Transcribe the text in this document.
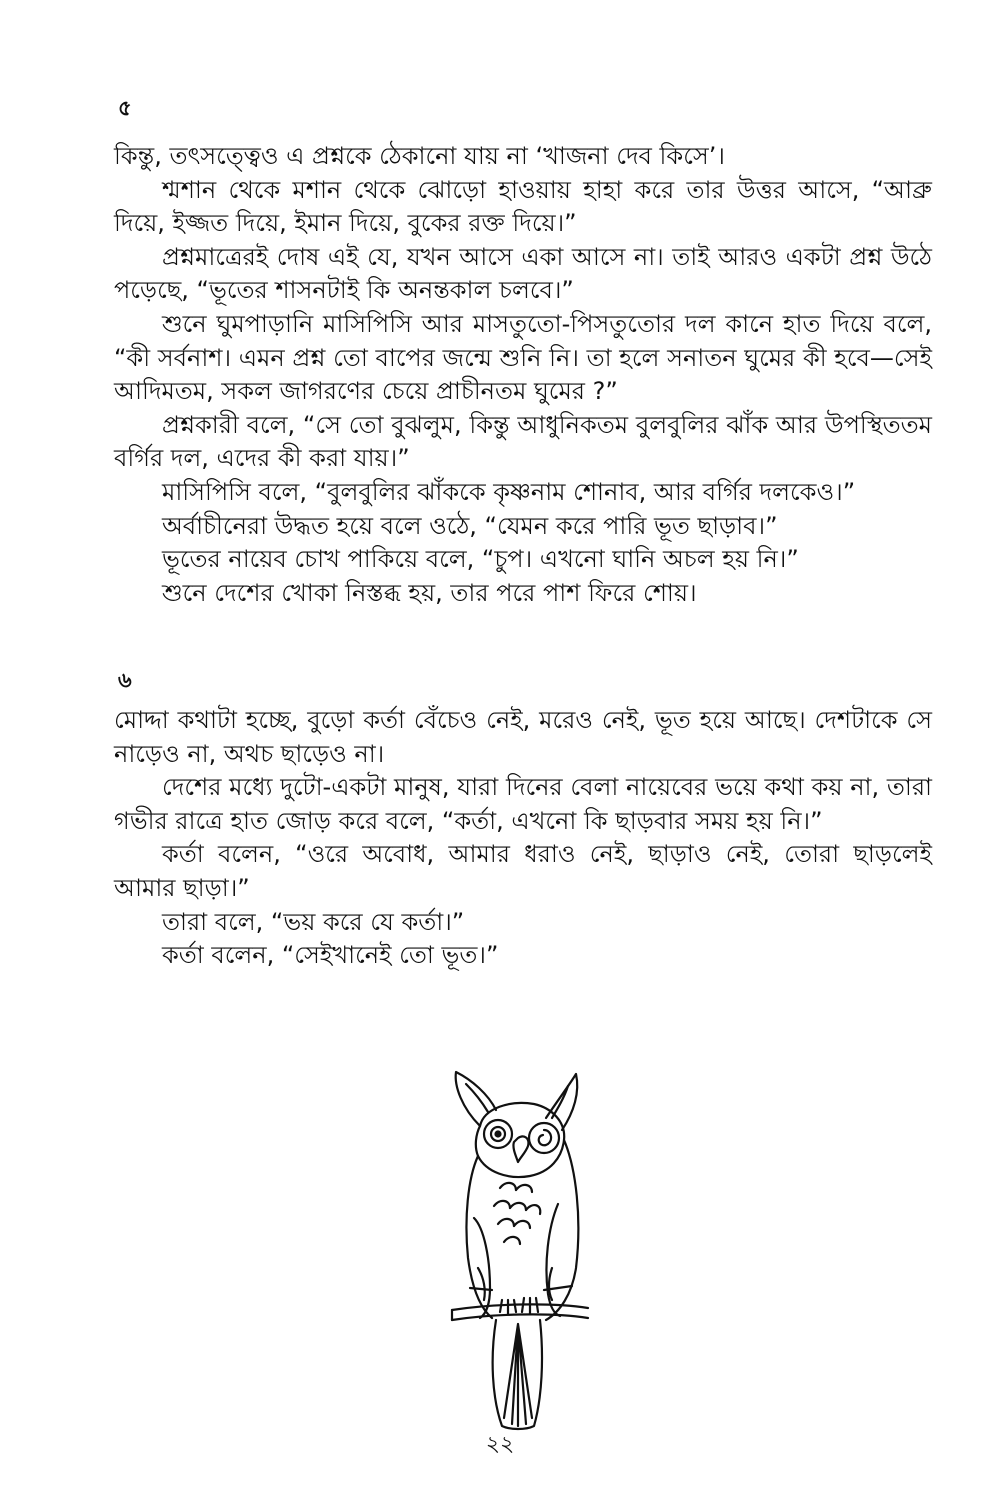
৫

কিন্তু, তৎসত্ত্বেও এ প্রশ্নকে ঠেকানো যায় না ‘খাজনা দেব কিসে’।

শ্মশান থেকে মশান থেকে ঝোড়ো হাওয়ায় হাহা করে তার উত্তর আসে, “আব্রু দিয়ে, ইজ্জত দিয়ে, ইমান দিয়ে, বুকের রক্ত দিয়ে।”

প্রশ্নমাত্রেরই দোষ এই যে, যখন আসে একা আসে না। তাই আরও একটা প্রশ্ন উঠে পড়েছে, “ভূতের শাসনটাই কি অনন্তকাল চলবে।”

শুনে ঘুমপাড়ানি মাসিপিসি আর মাসতুতো-পিসতুতোর দল কানে হাত দিয়ে বলে, “কী সর্বনাশ। এমন প্রশ্ন তো বাপের জন্মে শুনি নি। তা হলে সনাতন ঘুমের কী হবে—সেই আদিমতম, সকল জাগরণের চেয়ে প্রাচীনতম ঘুমের ?”

প্রশ্নকারী বলে, “সে তো বুঝলুম, কিন্তু আধুনিকতম বুলবুলির ঝাঁক আর উপস্থিততম বর্গির দল, এদের কী করা যায়।”

মাসিপিসি বলে, “বুলবুলির ঝাঁককে কৃষ্ণনাম শোনাব, আর বর্গির দলকেও।”

অর্বাচীনেরা উদ্ধত হয়ে বলে ওঠে, “যেমন করে পারি ভূত ছাড়াব।”

ভূতের নায়েব চোখ পাকিয়ে বলে, “চুপ। এখনো ঘানি অচল হয় নি।”

শুনে দেশের খোকা নিস্তব্ধ হয়, তার পরে পাশ ফিরে শোয়।

৬

মোদ্দা কথাটা হচ্ছে, বুড়ো কর্তা বেঁচেও নেই, মরেও নেই, ভূত হয়ে আছে। দেশটাকে সে নাড়েও না, অথচ ছাড়েও না।

দেশের মধ্যে দুটো-একটা মানুষ, যারা দিনের বেলা নায়েবের ভয়ে কথা কয় না, তারা গভীর রাত্রে হাত জোড় করে বলে, “কর্তা, এখনো কি ছাড়বার সময় হয় নি।”

কর্তা বলেন, “ওরে অবোধ, আমার ধরাও নেই, ছাড়াও নেই, তোরা ছাড়লেই আমার ছাড়া।”

তারা বলে, “ভয় করে যে কর্তা।”

কর্তা বলেন, “সেইখানেই তো ভূত।”

২২
